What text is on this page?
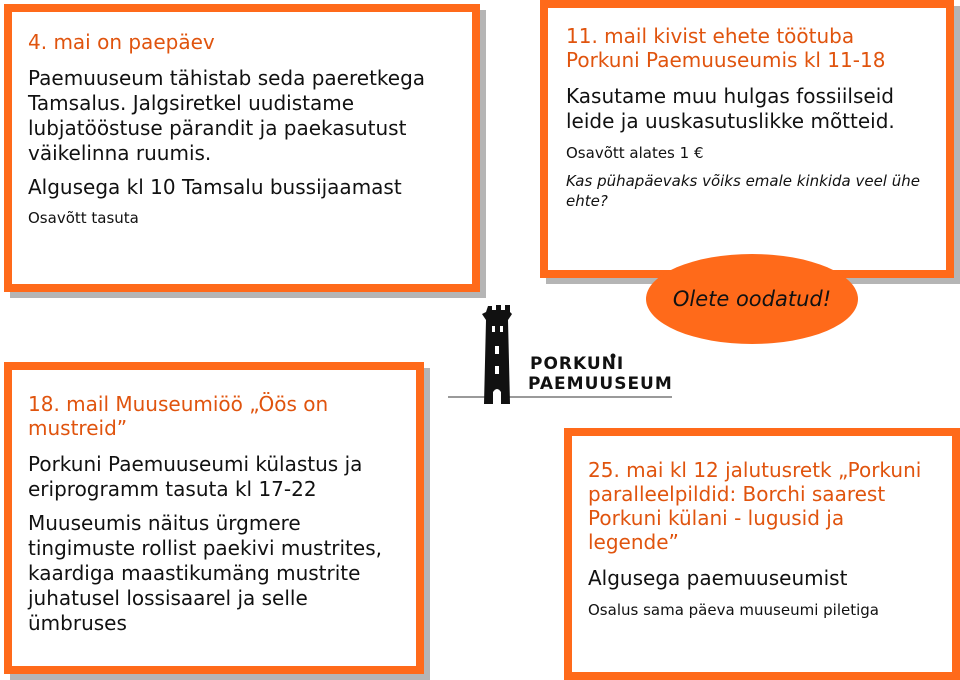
4. mai on paepäev

Paemuuseum tähistab seda paeretkega Tamsalus. Jalgsiretkel uudistame lubjatööstuse pärandit ja paekasutust väikelinna ruumis.

Algusega kl 10 Tamsalu bussijaamast

Osavõtt tasuta

11. mail kivist ehete töötuba Porkuni Paemuuseumis kl 11-18

Kasutame muu hulgas fossiilseid leide ja uuskasutuslikke mõtteid.

Osavõtt alates 1 €

Kas pühapäevaks võiks emale kinkida veel ühe ehte?

Olete oodatud!
PORKUNI
PAEMUUSEUM

18. mail Muuseumiöö „Öös on mustreid”

Porkuni Paemuuseumi külastus ja eriprogramm tasuta kl 17-22

Muuseumis näitus ürgmere tingimuste rollist paekivi mustrites, kaardiga maastikumäng mustrite juhatusel lossisaarel ja selle ümbruses

25. mai kl 12 jalutusretk „Porkuni paralleelpildid: Borchi saarest Porkuni külani - lugusid ja legende”

Algusega paemuuseumist

Osalus sama päeva muuseumi piletiga
